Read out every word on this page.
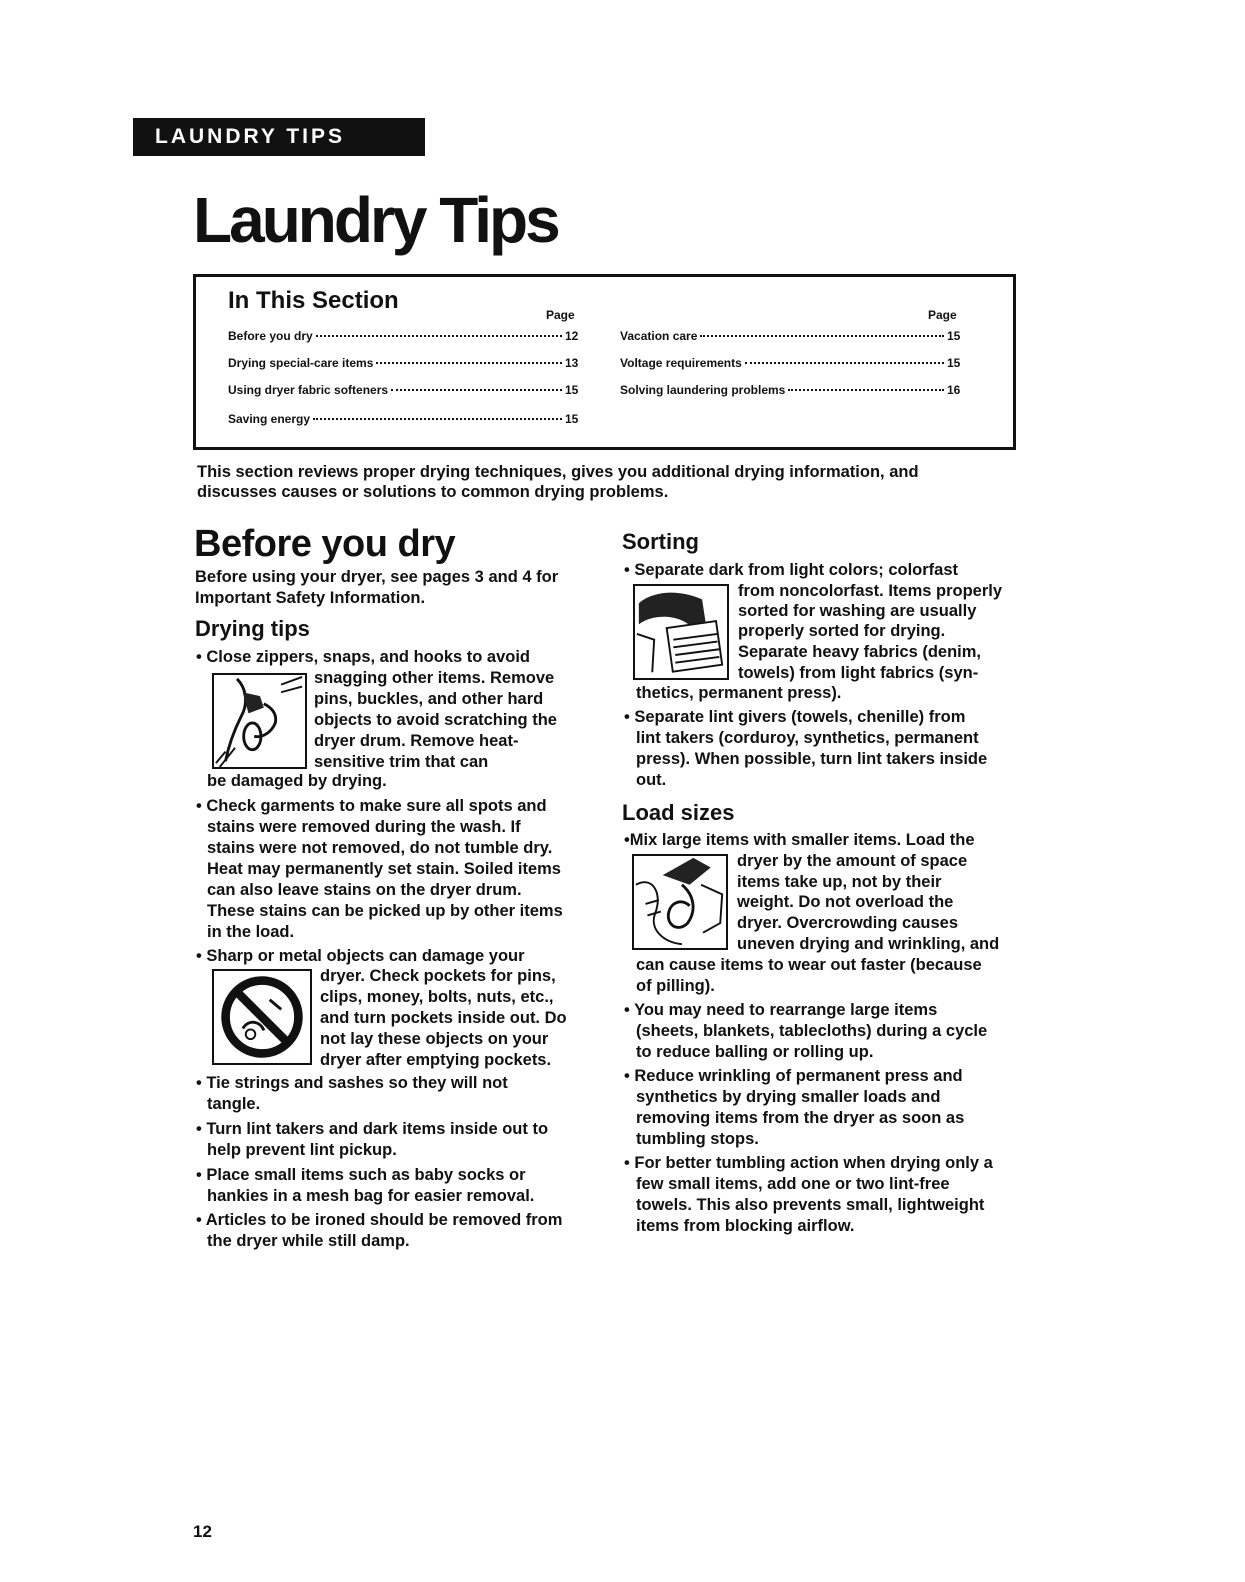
LAUNDRY TIPS
Laundry Tips
In This Section
Page	Page
Before you dry	12
Drying special-care items	13
Using dryer fabric softeners	15
Saving energy	15
Vacation care	15
Voltage requirements	15
Solving laundering problems	16
This section reviews proper drying techniques, gives you additional drying information, and discusses causes or solutions to common drying problems.
Before you dry
Before using your dryer, see pages 3 and 4 for Important Safety Information.
Drying tips
• Close zippers, snaps, and hooks to avoid
snagging other items. Remove
pins, buckles, and other hard
objects to avoid scratching the
dryer drum. Remove heat-
sensitive trim that can
be damaged by drying.
• Check garments to make sure all spots and
stains were removed during the wash. If
stains were not removed, do not tumble dry.
Heat may permanently set stain. Soiled items
can also leave stains on the dryer drum.
These stains can be picked up by other items
in the load.
• Sharp or metal objects can damage your
dryer. Check pockets for pins,
clips, money, bolts, nuts, etc.,
and turn pockets inside out. Do
not lay these objects on your
dryer after emptying pockets.
• Tie strings and sashes so they will not
tangle.
• Turn lint takers and dark items inside out to
help prevent lint pickup.
• Place small items such as baby socks or
hankies in a mesh bag for easier removal.
• Articles to be ironed should be removed from
the dryer while still damp.
Sorting
• Separate dark from light colors; colorfast
from noncolorfast. Items properly
sorted for washing are usually
properly sorted for drying.
Separate heavy fabrics (denim,
towels) from light fabrics (syn-
thetics, permanent press).
• Separate lint givers (towels, chenille) from
lint takers (corduroy, synthetics, permanent
press). When possible, turn lint takers inside
out.
Load sizes
•Mix large items with smaller items. Load the
dryer by the amount of space
items take up, not by their
weight. Do not overload the
dryer. Overcrowding causes
uneven drying and wrinkling, and
can cause items to wear out faster (because
of pilling).
• You may need to rearrange large items
(sheets, blankets, tablecloths) during a cycle
to reduce balling or rolling up.
• Reduce wrinkling of permanent press and
synthetics by drying smaller loads and
removing items from the dryer as soon as
tumbling stops.
• For better tumbling action when drying only a
few small items, add one or two lint-free
towels. This also prevents small, lightweight
items from blocking airflow.
12
